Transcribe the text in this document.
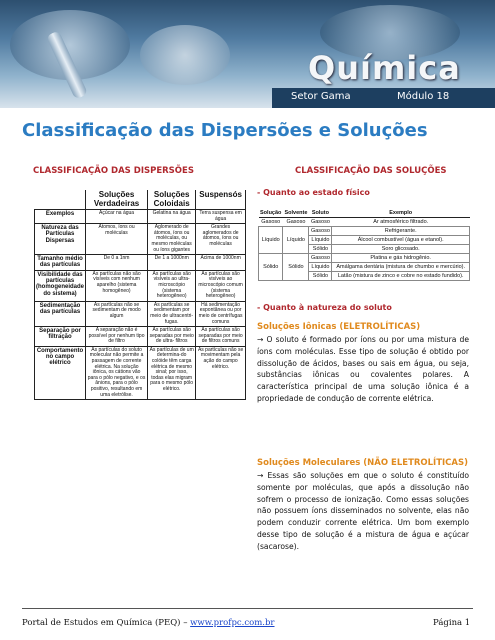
Química
Setor Gama	Módulo 18
Classificação das Dispersões e Soluções
CLASSIFICAÇÃO DAS DISPERSÕES	CLASSIFICAÇÃO DAS SOLUÇÕES
	Soluções Verdadeiras	Soluções Coloidais	Suspensós
Exemplos	Açúcar na água	Gelatina na água	Terra suspensa em água
Natureza das Partículas Dispersas	Átomos, íons ou moléculas	Aglomerado de átomos, íons ou moléculas, ou mesmo moléculas ou íons gigantes	Grandes aglomerados de átomos, íons ou moléculas
Tamanho médio das partículas	De 0 a 1nm	De 1 a 1000nm	Acima de 1000nm
Visibilidade das partículas (homogeneidade do sistema)	As partículas não são visíveis com nenhum aparelho (sistema homogêneo)	As partículas são visíveis ao ultra-microscópio (sistema heterogêneo)	As partículas são visíveis ao microscópio comum (sistema heterogêneo)
Sedimentação das partículas	As partículas não se sedimentam de modo algum	As partículas se sedimentam por meio de ultracentri-fugas.	Há sedimentação espontânea ou por meio de centrífugas comuns
Separação por filtração	A separação não é possível por nenhum tipo de filtro	As partículas são separadas por meio de ultra- filtros	As partículas são separadas por meio de filtros comuns
Comportamento no campo elétrico	As partículas do soluto molecular não permite a passagem de corrente elétrica. Na solução iônica, os cátions vão para o pólo negativo, e os ânions, para o pólo positivo, resultando em uma eletrólise.	As partículas de um determina-do colóide têm carga elétrica de mesmo sinal; por isso, todas elas migram para o mesmo pólo elétrico.	As partículas não se movimentam pela ação do campo elétrico.
- Quanto ao estado físico
Solução	Solvente	Soluto	Exemplo
Gasoso	Gasoso	Gasoso	Ar atmosférico filtrado.
Líquido	Líquido	Gasoso	Refrigerante.
		Líquido	Álcool combustível (água e etanol).
		Sólido	Soro glicosado.
Sólido	Sólido	Gasoso	Platina e gás hidrogênio.
		Líquido	Amálgama dentária (mistura de chumbo e mercúrio).
		Sólido	Latão (mistura de zinco e cobre no estado fundido).
- Quanto à natureza do soluto
Soluções Iônicas (ELETROLÍTICAS)
→ O soluto é formado por íons ou por uma mistura de íons com moléculas. Esse tipo de solução é obtido por dissolução de ácidos, bases ou sais em água, ou seja, substâncias iônicas ou covalentes polares. A característica principal de uma solução iônica é a propriedade de condução de corrente elétrica.
Soluções Moleculares (NÃO ELETROLÍTICAS)
→ Essas são soluções em que o soluto é constituído somente por moléculas, que após a dissolução não sofrem o processo de ionização. Como essas soluções não possuem íons disseminados no solvente, elas não podem conduzir corrente elétrica. Um bom exemplo desse tipo de solução é a mistura de água e açúcar (sacarose).
Portal de Estudos em Química (PEQ) – www.profpc.com.br	Página 1
